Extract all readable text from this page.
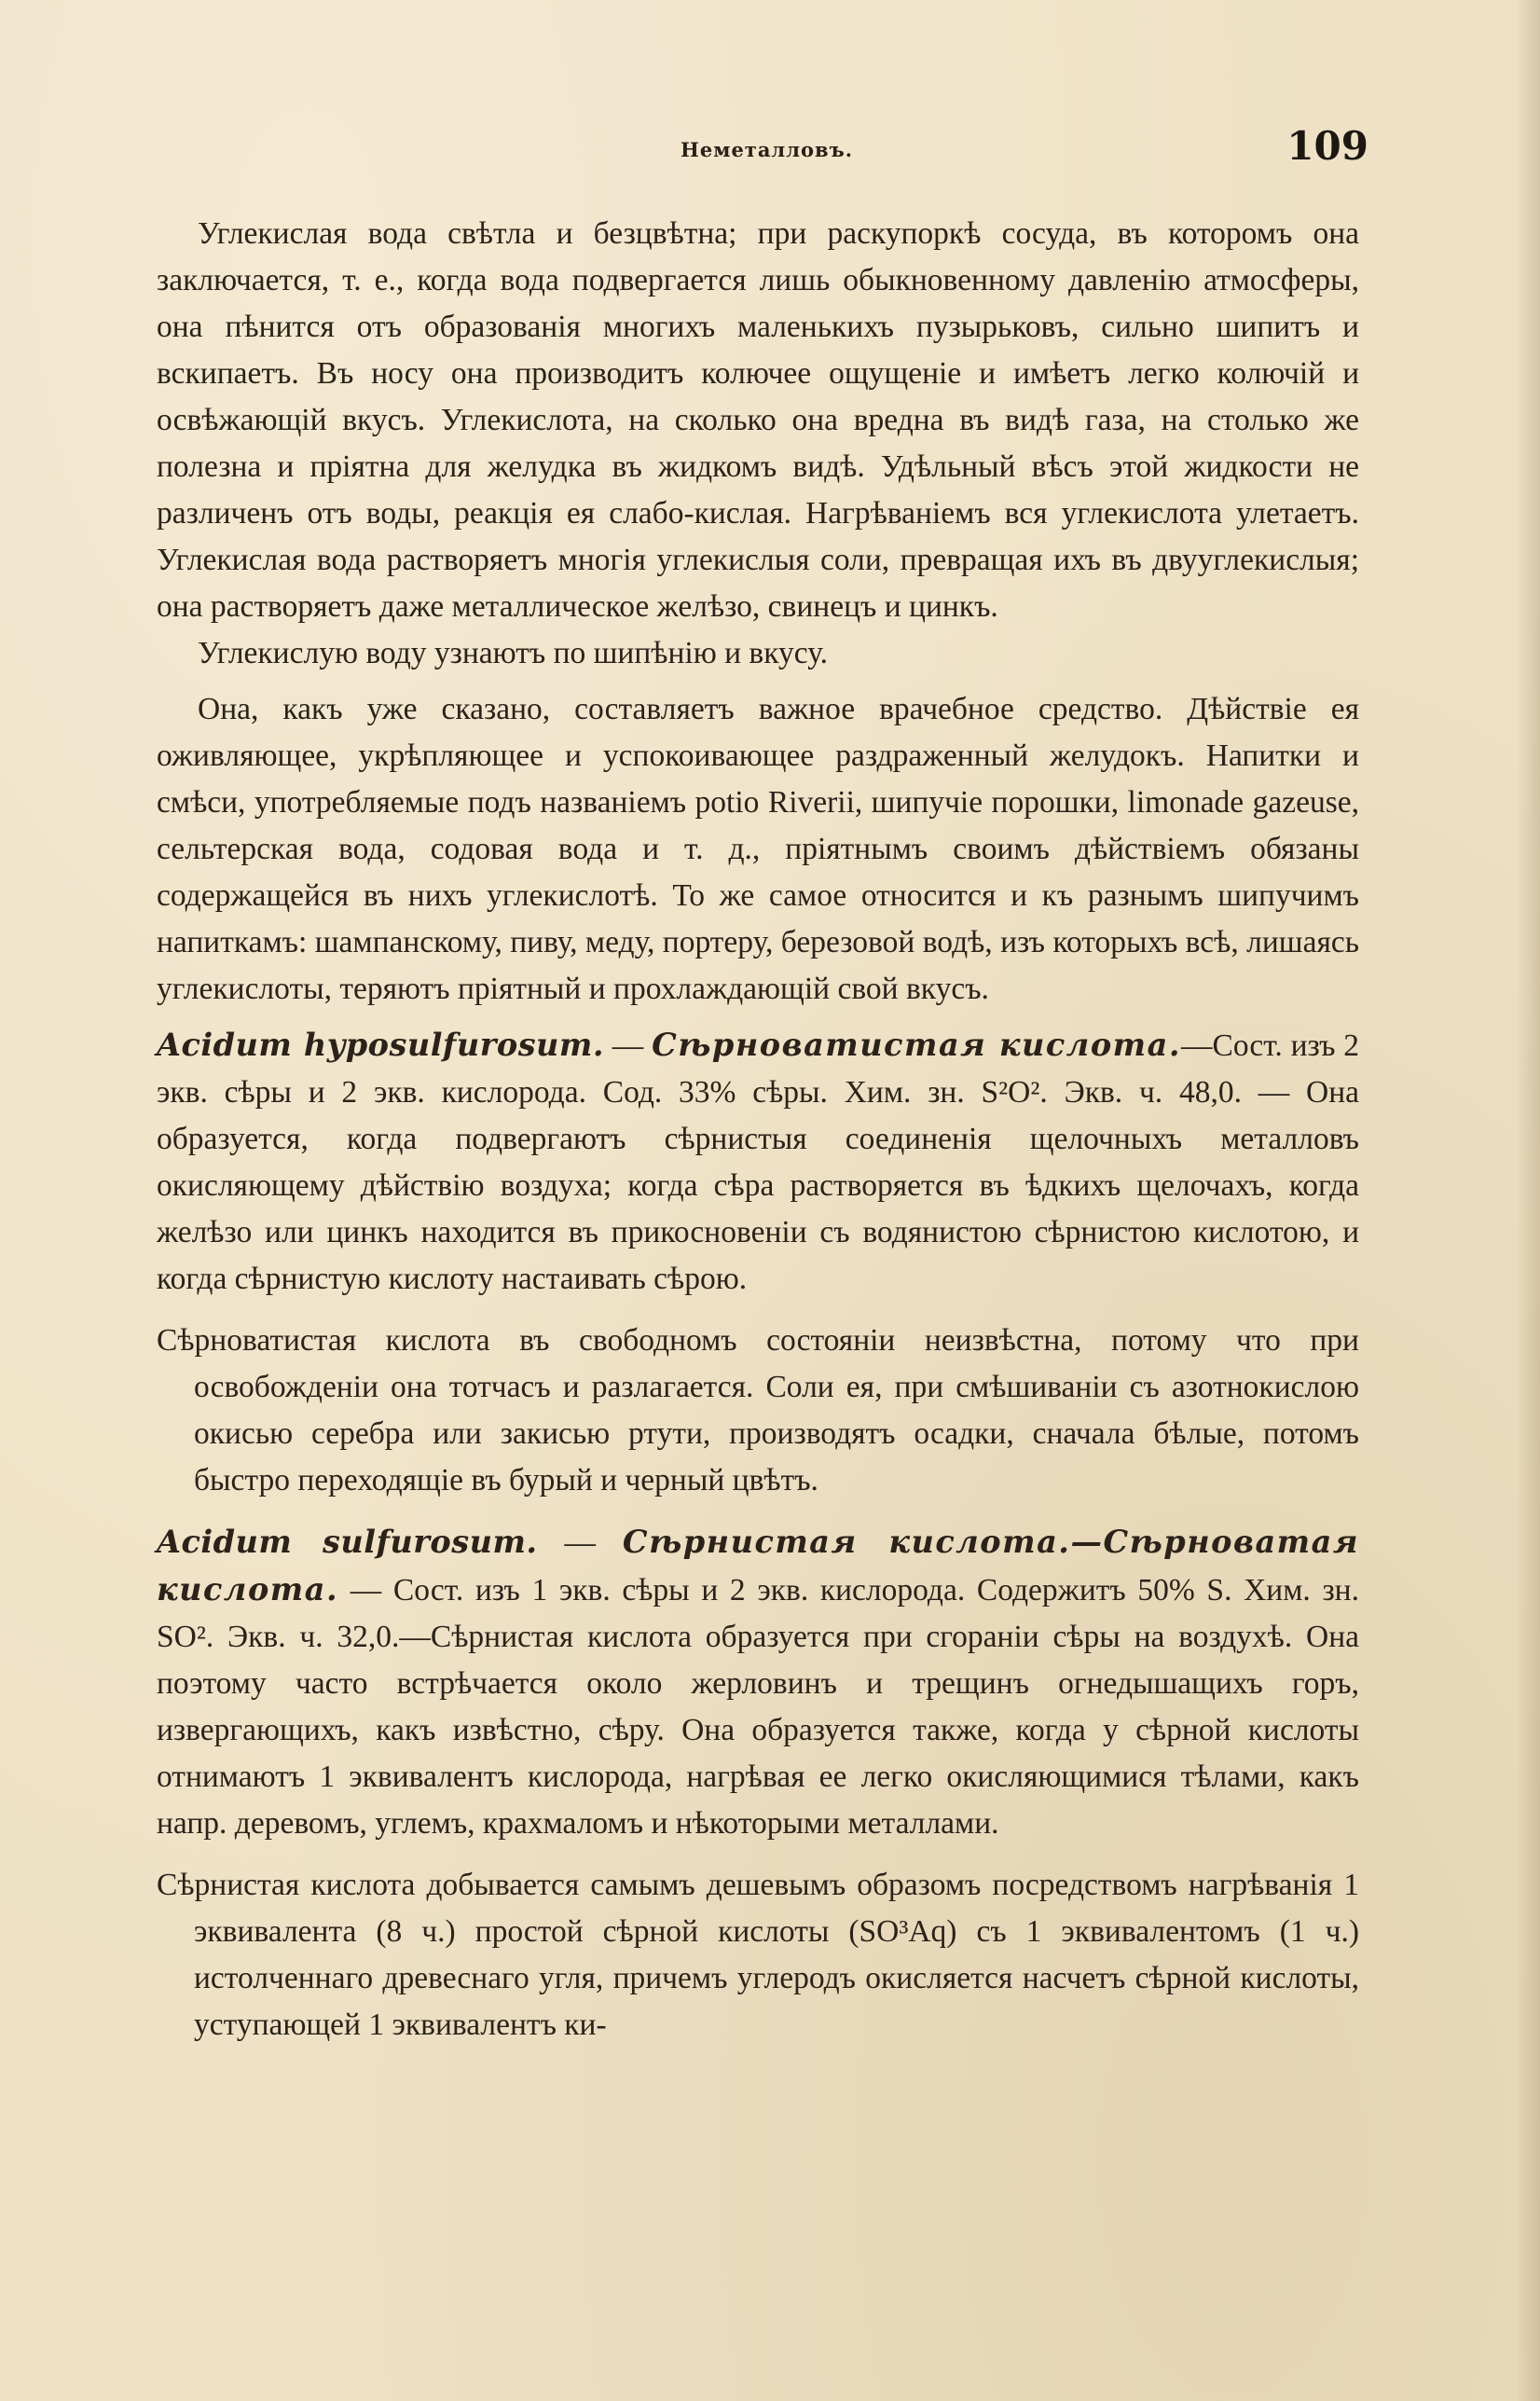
Неметалловъ.	109

Углекислая вода свѣтла и безцвѣтна; при раскупоркѣ сосуда, въ которомъ она заключается, т. е., когда вода подвергается лишь обыкновенному давленію атмосферы, она пѣнится отъ образованія многихъ маленькихъ пузырьковъ, сильно шипитъ и вскипаетъ. Въ носу она производитъ колючее ощущеніе и имѣетъ легко колючій и освѣжающій вкусъ. Углекислота, на сколько она вредна въ видѣ газа, на столько же полезна и пріятна для желудка въ жидкомъ видѣ. Удѣльный вѣсъ этой жидкости не различенъ отъ воды, реакція ея слабо-кислая. Нагрѣваніемъ вся углекислота улетаетъ. Углекислая вода растворяетъ многія углекислыя соли, превращая ихъ въ двууглекислыя; она растворяетъ даже металлическое желѣзо, свинецъ и цинкъ.

Углекислую воду узнаютъ по шипѣнію и вкусу.

Она, какъ уже сказано, составляетъ важное врачебное средство. Дѣйствіе ея оживляющее, укрѣпляющее и успокоивающее раздраженный желудокъ. Напитки и смѣси, употребляемые подъ названіемъ potio Riverii, шипучіе порошки, limonade gazeuse, сельтерская вода, содовая вода и т. д., пріятнымъ своимъ дѣйствіемъ обязаны содержащейся въ нихъ углекислотѣ. То же самое относится и къ разнымъ шипучимъ напиткамъ: шампанскому, пиву, меду, портеру, березовой водѣ, изъ которыхъ всѣ, лишаясь углекислоты, теряютъ пріятный и прохлаждающій свой вкусъ.

Acidum hyposulfurosum. — Сѣрноватистая кислота.—Сост. изъ 2 экв. сѣры и 2 экв. кислорода. Сод. 33% сѣры. Хим. зн. S²O². Экв. ч. 48,0. — Она образуется, когда подвергаютъ сѣрнистыя соединенія щелочныхъ металловъ окисляющему дѣйствію воздуха; когда сѣра растворяется въ ѣдкихъ щелочахъ, когда желѣзо или цинкъ находится въ прикосновеніи съ водянистою сѣрнистою кислотою, и когда сѣрнистую кислоту настаивать сѣрою.

Сѣрноватистая кислота въ свободномъ состояніи неизвѣстна, потому что при освобожденіи она тотчасъ и разлагается. Соли ея, при смѣшиваніи съ азотнокислою окисью серебра или закисью ртути, производятъ осадки, сначала бѣлые, потомъ быстро переходящіе въ бурый и черный цвѣтъ.

Acidum sulfurosum. — Сѣрнистая кислота.—Сѣрноватая кислота. — Сост. изъ 1 экв. сѣры и 2 экв. кислорода. Содержитъ 50% S. Хим. зн. SO². Экв. ч. 32,0.—Сѣрнистая кислота образуется при сгораніи сѣры на воздухѣ. Она поэтому часто встрѣчается около жерловинъ и трещинъ огнедышащихъ горъ, извергающихъ, какъ извѣстно, сѣру. Она образуется также, когда у сѣрной кислоты отнимаютъ 1 эквивалентъ кислорода, нагрѣвая ее легко окисляющимися тѣлами, какъ напр. деревомъ, углемъ, крахмаломъ и нѣкоторыми металлами.

Сѣрнистая кислота добывается самымъ дешевымъ образомъ посредствомъ нагрѣванія 1 эквивалента (8 ч.) простой сѣрной кислоты (SO³Aq) съ 1 эквивалентомъ (1 ч.) истолченнаго древеснаго угля, причемъ углеродъ окисляется насчетъ сѣрной кислоты, уступающей 1 эквивалентъ ки-
